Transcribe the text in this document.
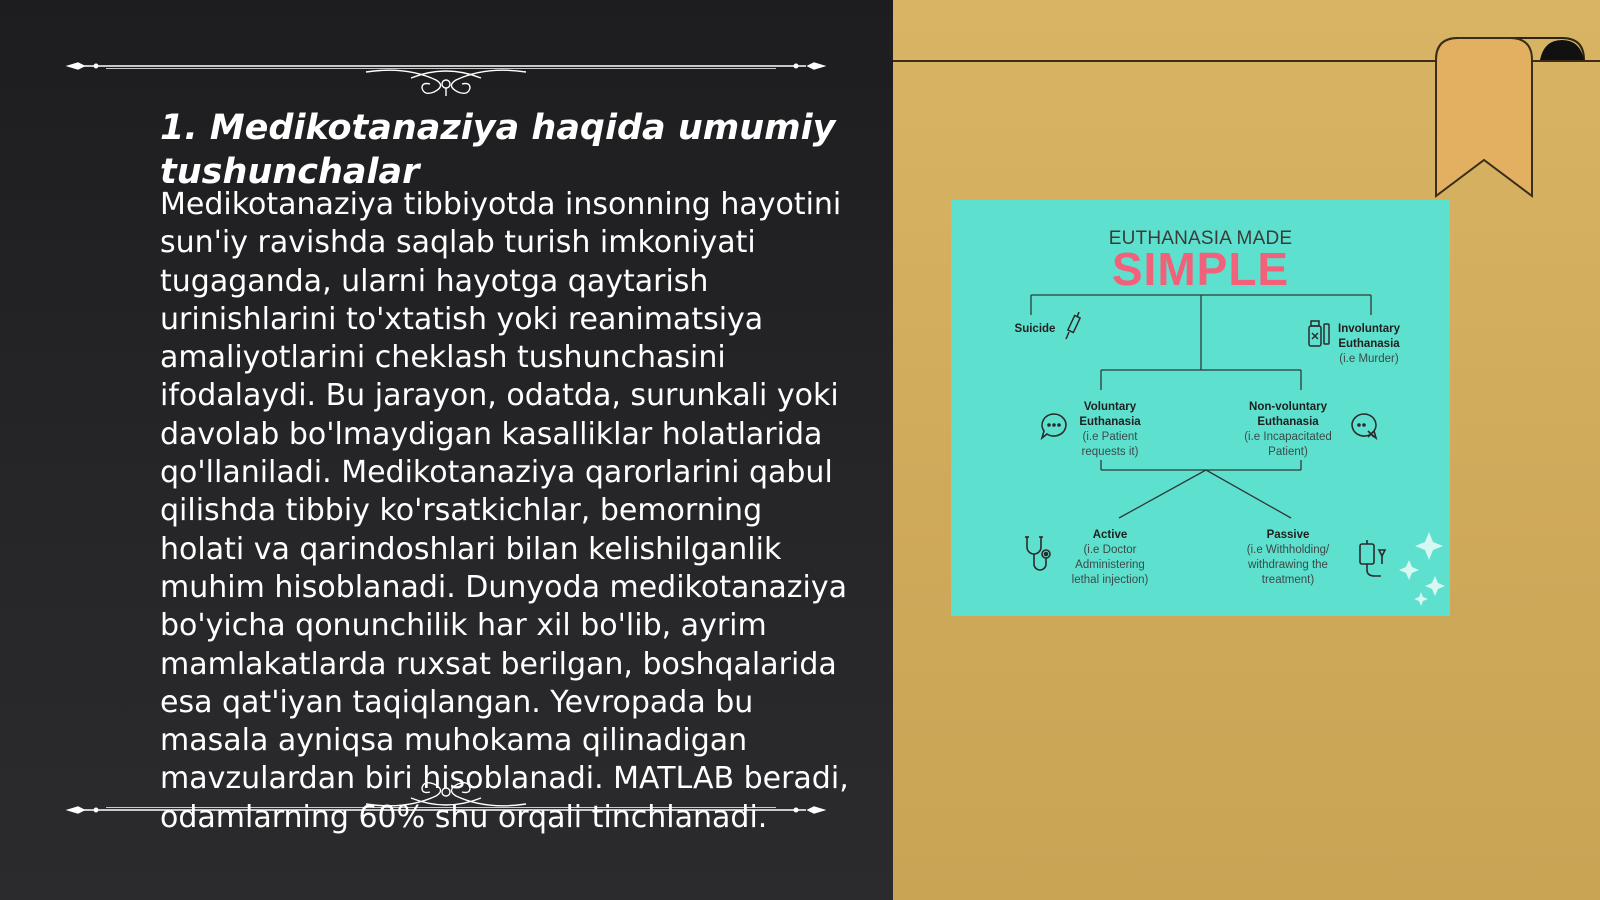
1. Medikotanaziya haqida umumiy tushunchalar

Medikotanaziya tibbiyotda insonning hayotini sun'iy ravishda saqlab turish imkoniyati tugaganda, ularni hayotga qaytarish urinishlarini to'xtatish yoki reanimatsiya amaliyotlarini cheklash tushunchasini ifodalaydi. Bu jarayon, odatda, surunkali yoki davolab bo'lmaydigan kasalliklar holatlarida qo'llaniladi. Medikotanaziya qarorlarini qabul qilishda tibbiy ko'rsatkichlar, bemorning holati va qarindoshlari bilan kelishilganlik muhim hisoblanadi. Dunyoda medikotanaziya bo'yicha qonunchilik har xil bo'lib, ayrim mamlakatlarda ruxsat berilgan, boshqalarida esa qat'iyan taqiqlangan. Yevropada bu masala ayniqsa muhokama qilinadigan mavzulardan biri hisoblanadi. MATLAB beradi, odamlarning 60% shu orqali tinchlanadi.

EUTHANASIA MADE
SIMPLE
Suicide	Involuntary Euthanasia
(i.e Murder)
Voluntary Euthanasia
(i.e Patient requests it)
Non-voluntary Euthanasia
(i.e Incapacitated Patient)
Active
(i.e Doctor Administering lethal injection)
Passive
(i.e Withholding/ withdrawing the treatment)
